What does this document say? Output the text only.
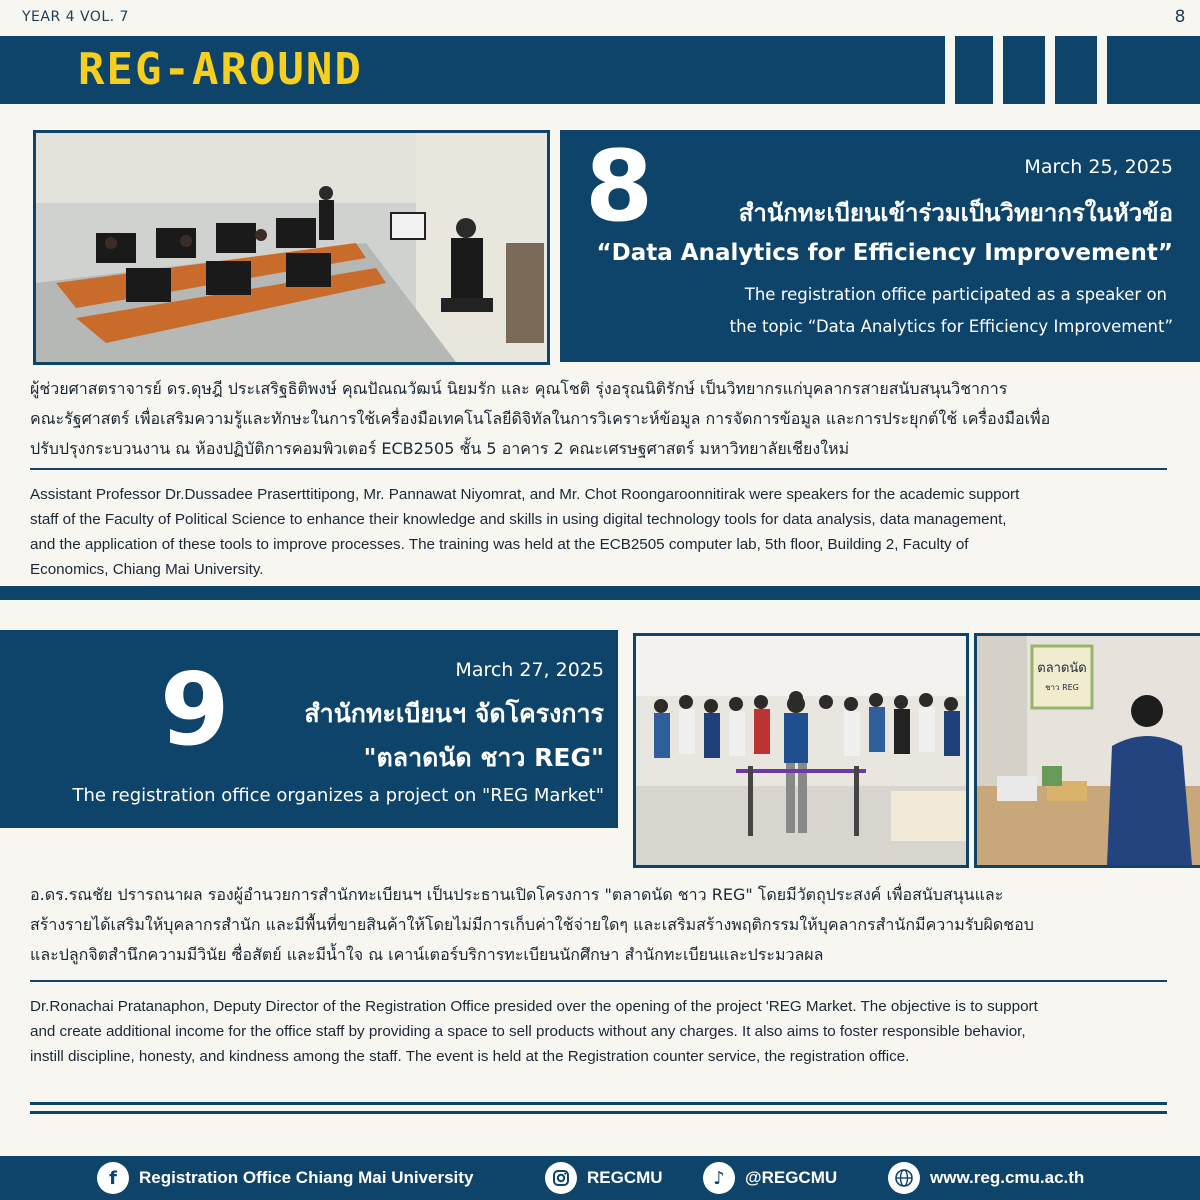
YEAR 4 VOL. 7	8
REG-AROUND
8	March 25, 2025
สำนักทะเบียนเข้าร่วมเป็นวิทยากรในหัวข้อ
“Data Analytics for Efficiency Improvement”
The registration office participated as a speaker on
the topic “Data Analytics for Efficiency Improvement”
ผู้ช่วยศาสตราจารย์ ดร.ดุษฎี ประเสริฐธิติพงษ์ คุณปัณณวัฒน์ นิยมรัก และ คุณโชติ รุ่งอรุณนิติรักษ์ เป็นวิทยากรแก่บุคลากรสายสนับสนุนวิชาการ
คณะรัฐศาสตร์ เพื่อเสริมความรู้และทักษะในการใช้เครื่องมือเทคโนโลยีดิจิทัลในการวิเคราะห์ข้อมูล การจัดการข้อมูล และการประยุกต์ใช้ เครื่องมือเพื่อ
ปรับปรุงกระบวนงาน ณ ห้องปฏิบัติการคอมพิวเตอร์ ECB2505 ชั้น 5 อาคาร 2 คณะเศรษฐศาสตร์ มหาวิทยาลัยเชียงใหม่
Assistant Professor Dr.Dussadee Praserttitipong, Mr. Pannawat Niyomrat, and Mr. Chot Roongaroonnitirak were speakers for the academic support
staff of the Faculty of Political Science to enhance their knowledge and skills in using digital technology tools for data analysis, data management,
and the application of these tools to improve processes. The training was held at the ECB2505 computer lab, 5th floor, Building 2, Faculty of
Economics, Chiang Mai University.
9	March 27, 2025
สำนักทะเบียนฯ จัดโครงการ
"ตลาดนัด ชาว REG"
The registration office organizes a project on "REG Market"
ตลาดนัด
ชาว REG
อ.ดร.รณชัย ปรารถนาผล รองผู้อำนวยการสำนักทะเบียนฯ เป็นประธานเปิดโครงการ "ตลาดนัด ชาว REG" โดยมีวัตถุประสงค์ เพื่อสนับสนุนและ
สร้างรายได้เสริมให้บุคลากรสำนัก และมีพื้นที่ขายสินค้าให้โดยไม่มีการเก็บค่าใช้จ่ายใดๆ และเสริมสร้างพฤติกรรมให้บุคลากรสำนักมีความรับผิดชอบ
และปลูกจิตสำนึกความมีวินัย ซื่อสัตย์ และมีน้ำใจ ณ เคาน์เตอร์บริการทะเบียนนักศึกษา สำนักทะเบียนและประมวลผล
Dr.Ronachai Pratanaphon, Deputy Director of the Registration Office presided over the opening of the project 'REG Market. The objective is to support
and create additional income for the office staff by providing a space to sell products without any charges. It also aims to foster responsible behavior,
instill discipline, honesty, and kindness among the staff. The event is held at the Registration counter service, the registration office.
f	Registration Office Chiang Mai University	REGCMU	♪	@REGCMU	www.reg.cmu.ac.th
